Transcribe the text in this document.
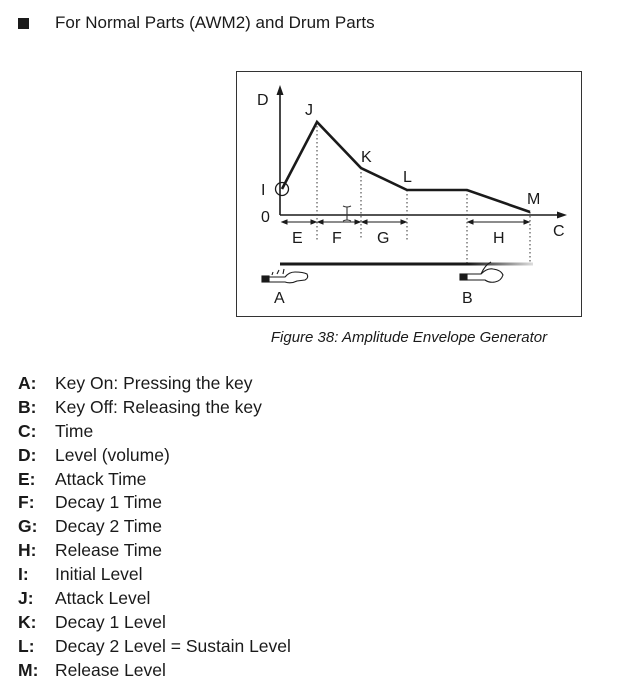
For Normal Parts (AWM2) and Drum Parts
D
J
K
L
M
I
0
E F G	H	C
A	B
Figure 38: Amplitude Envelope Generator
A:	Key On: Pressing the key
B:	Key Off: Releasing the key
C:	Time
D:	Level (volume)
E:	Attack Time
F:	Decay 1 Time
G:	Decay 2 Time
H:	Release Time
I:	Initial Level
J:	Attack Level
K:	Decay 1 Level
L:	Decay 2 Level = Sustain Level
M: Release Level
